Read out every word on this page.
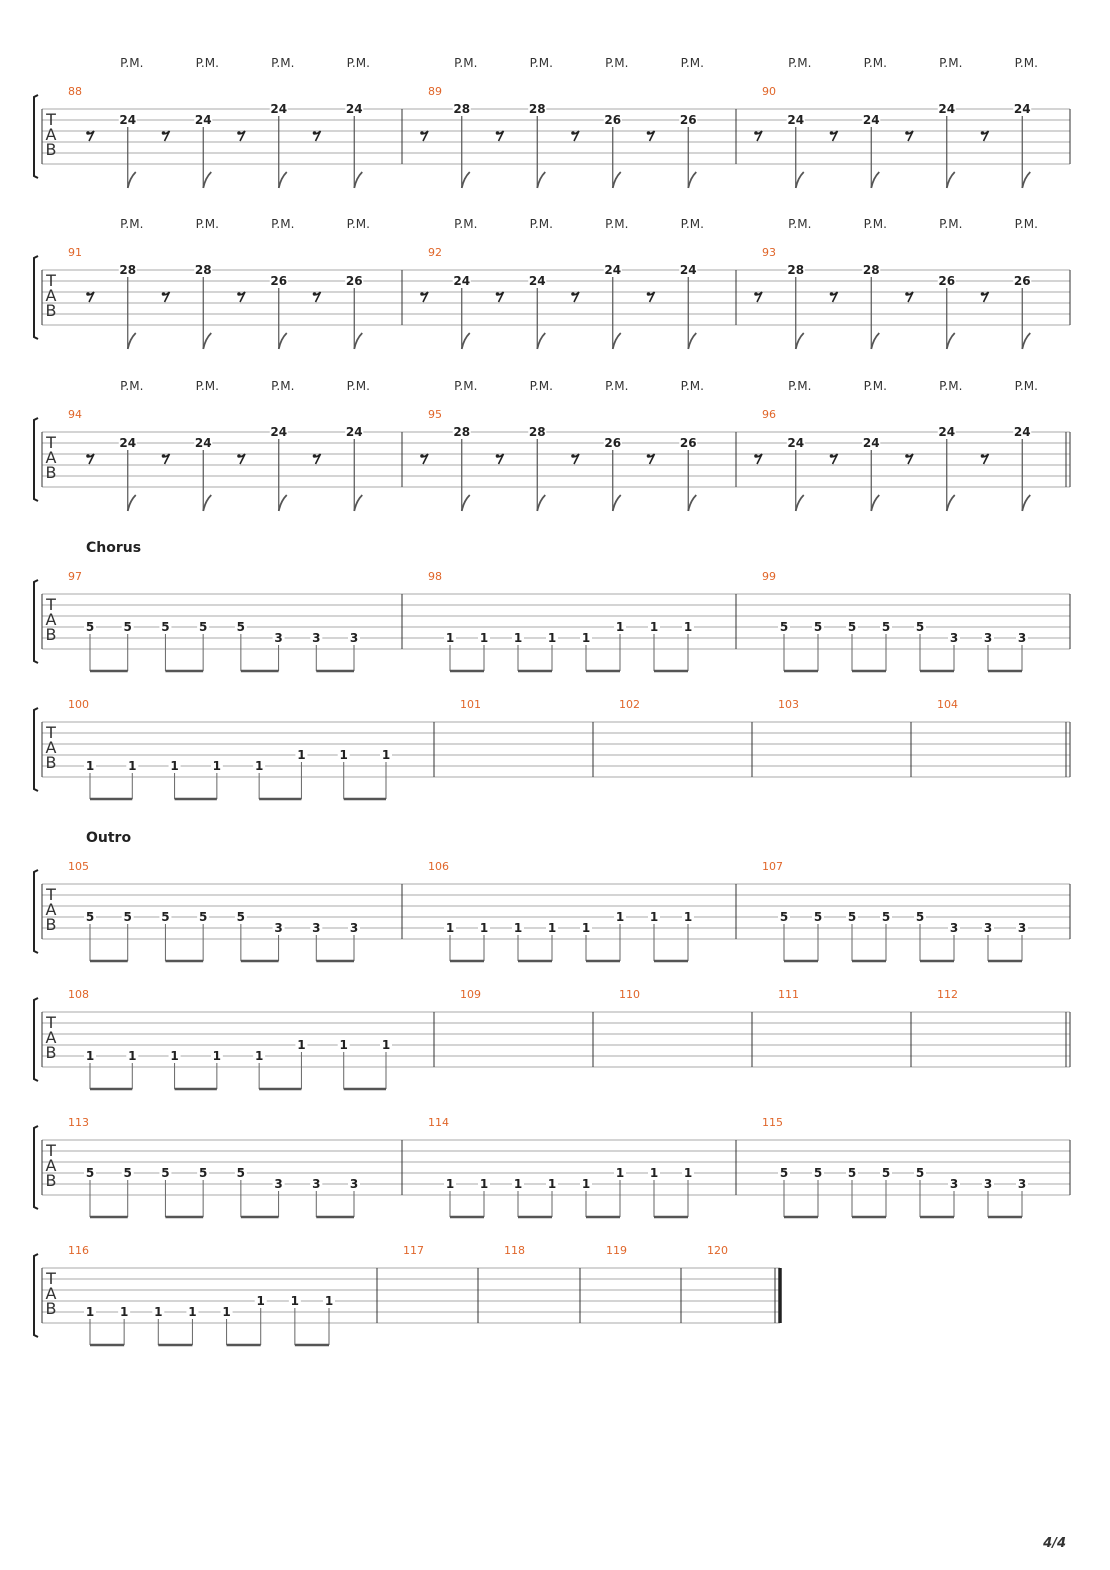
T
A
B
88
P.M.
24
P.M.
24
P.M.
24
P.M.
24
89
P.M.
28
P.M.
28
P.M.
26
P.M.
26
90
P.M.
24
P.M.
24
P.M.
24
P.M.
24
T
A
B
91
P.M.
28
P.M.
28
P.M.
26
P.M.
26
92
P.M.
24
P.M.
24
P.M.
24
P.M.
24
93
P.M.
28
P.M.
28
P.M.
26
P.M.
26
T
A
B
94
P.M.
24
P.M.
24
P.M.
24
P.M.
24
95
P.M.
28
P.M.
28
P.M.
26
P.M.
26
96
P.M.
24
P.M.
24
P.M.
24
P.M.
24
Chorus
T
A
B
97
5 5 5 5 5
3 3 3
98
1 1 1 1 1
1 1 1
99
5 5 5 5 5
3 3 3
T
A
B
100
1	1	1	1	1
1	1	1
101	102	103	104
Outro
T
A
B
105
5 5 5 5 5
3 3 3
106
1 1 1 1 1
1 1 1
107
5 5 5 5 5
3 3 3
T
A
B
108
1	1	1	1	1
1	1	1
109	110	111	112
T
A
B
113
5 5 5 5 5
3 3 3
114
1 1 1 1 1
1 1 1
115
5 5 5 5 5
3 3 3
T
A
B
116
1 1 1 1 1
1 1 1
117	118	119	120
4/4
